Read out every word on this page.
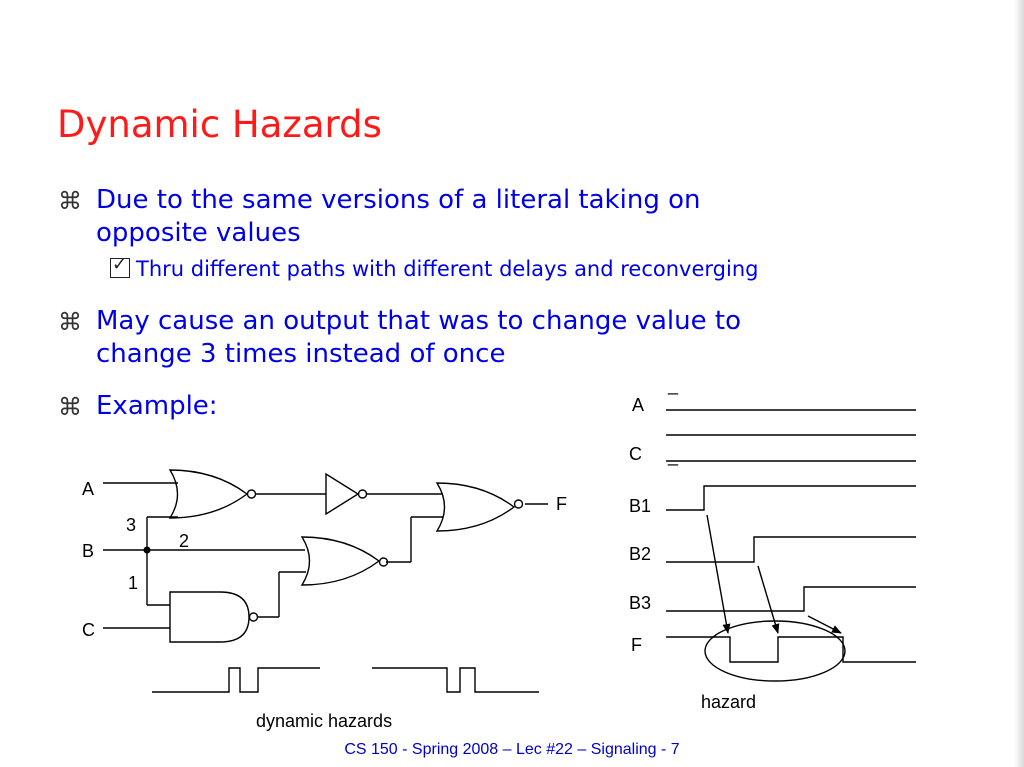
Dynamic Hazards
⌘ Due to the same versions of a literal taking on
opposite values
✓ Thru different paths with different delays and reconverging
⌘ May cause an output that was to change value to
change 3 times instead of once
⌘ Example:
A
B
C
F
3
2
1
dynamic hazards
_
A
C _
B1
B2
B3
F
hazard
CS 150 - Spring 2008 – Lec #22 – Signaling - 7
